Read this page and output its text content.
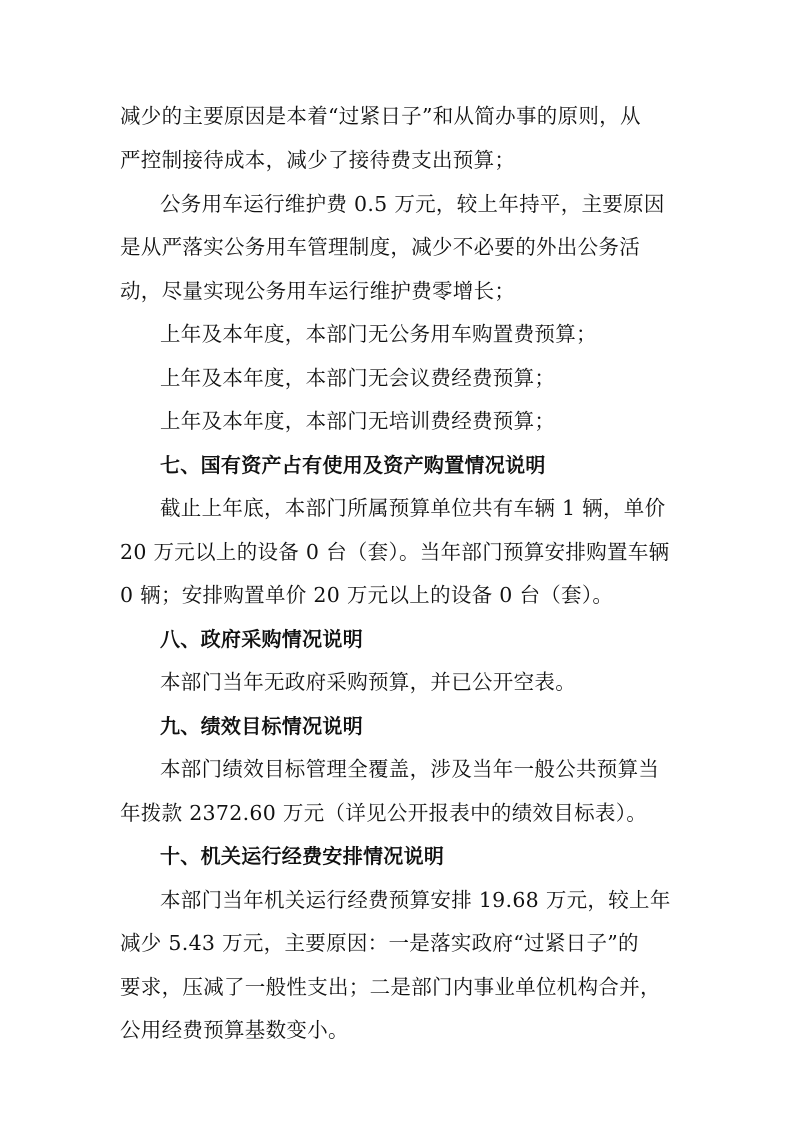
减少的主要原因是本着“过紧日子”和从简办事的原则，从
严控制接待成本，减少了接待费支出预算；
公务用车运行维护费 0.5 万元，较上年持平，主要原因
是从严落实公务用车管理制度，减少不必要的外出公务活
动，尽量实现公务用车运行维护费零增长；
上年及本年度，本部门无公务用车购置费预算；
上年及本年度，本部门无会议费经费预算；
上年及本年度，本部门无培训费经费预算；
七、国有资产占有使用及资产购置情况说明
截止上年底，本部门所属预算单位共有车辆 1 辆，单价
20 万元以上的设备 0 台（套）。当年部门预算安排购置车辆
0 辆；安排购置单价 20 万元以上的设备 0 台（套）。
八、政府采购情况说明
本部门当年无政府采购预算，并已公开空表。
九、绩效目标情况说明
本部门绩效目标管理全覆盖，涉及当年一般公共预算当
年拨款 2372.60 万元（详见公开报表中的绩效目标表）。
十、机关运行经费安排情况说明
本部门当年机关运行经费预算安排 19.68 万元，较上年
减少 5.43 万元，主要原因：一是落实政府“过紧日子”的
要求，压减了一般性支出；二是部门内事业单位机构合并，
公用经费预算基数变小。
